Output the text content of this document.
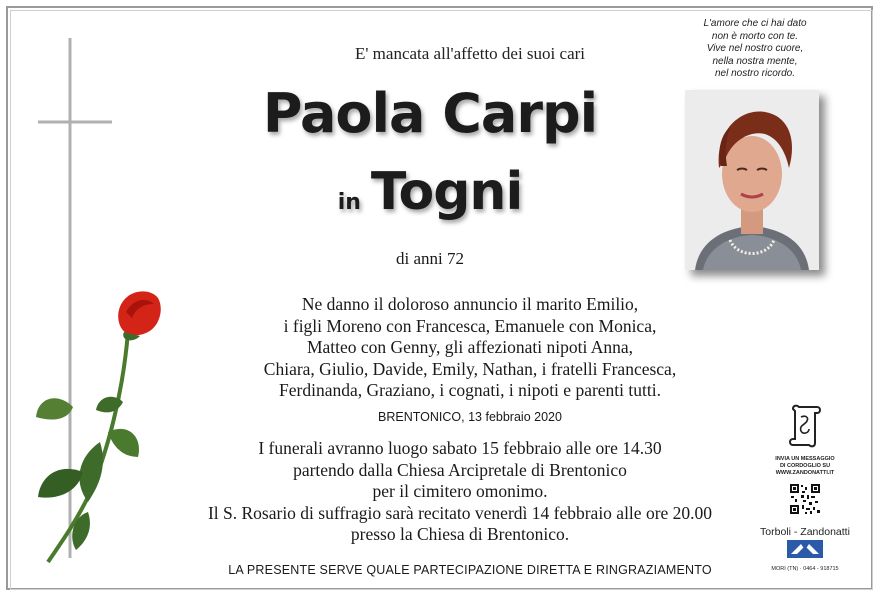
E' mancata all'affetto dei suoi cari
Paola Carpi
in Togni
di anni 72
L'amore che ci hai dato
non è morto con te.
Vive nel nostro cuore,
nella nostra mente,
nel nostro ricordo.
Ne danno il doloroso annuncio il marito Emilio,
i figli Moreno con Francesca, Emanuele con Monica,
Matteo con Genny, gli affezionati nipoti Anna,
Chiara, Giulio, Davide, Emily, Nathan, i fratelli Francesca,
Ferdinanda, Graziano, i cognati, i nipoti e parenti tutti.
BRENTONICO, 13 febbraio 2020
I funerali avranno luogo sabato 15 febbraio alle ore 14.30
partendo dalla Chiesa Arcipretale di Brentonico
per il cimitero omonimo.
Il S. Rosario di suffragio sarà recitato venerdì 14 febbraio alle ore 20.00
presso la Chiesa di Brentonico.
LA PRESENTE SERVE QUALE PARTECIPAZIONE DIRETTA E RINGRAZIAMENTO
INVIA UN MESSAGGIO
DI CORDOGLIO SU
WWW.ZANDONATTI.IT
Torboli - Zandonatti
MORI (TN) · 0464 - 918715
